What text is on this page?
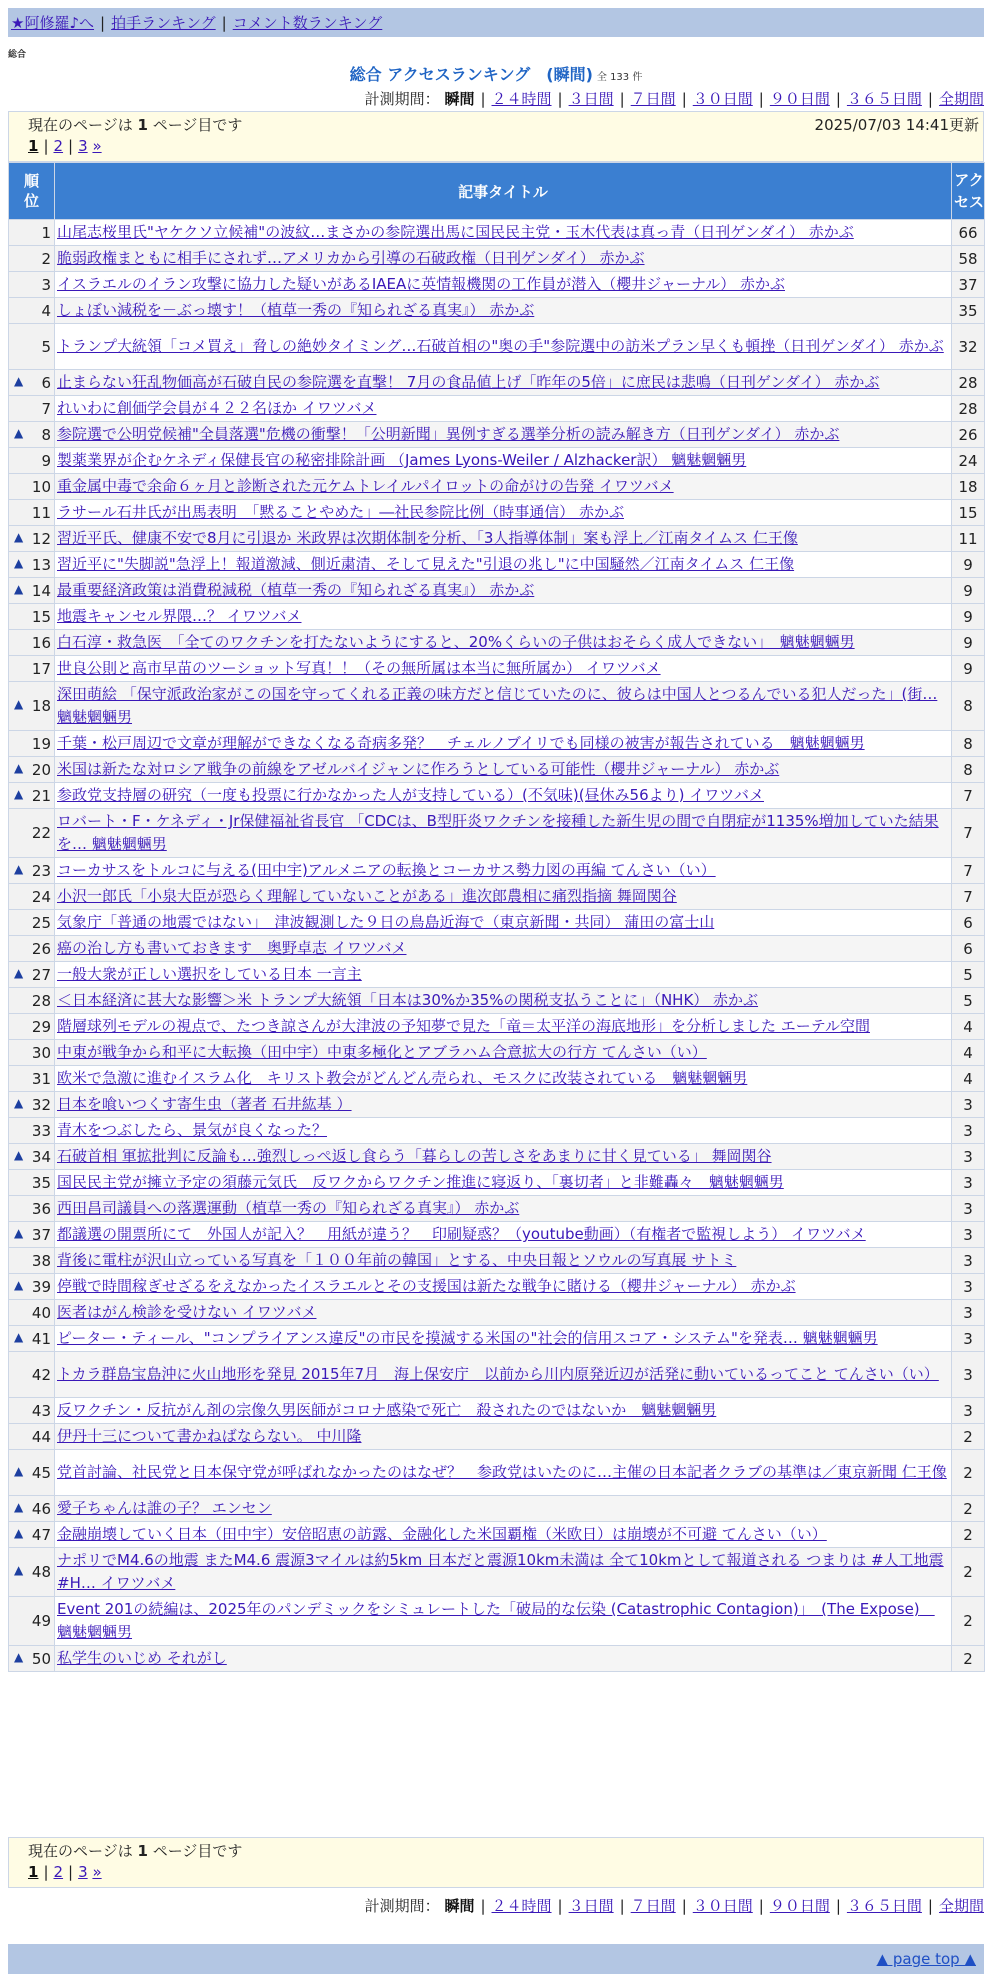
★阿修羅♪へ | 拍手ランキング | コメント数ランキング
総合
総合 アクセスランキング　(瞬間) 全 133 件
計測期間： 瞬間 | ２４時間 | ３日間 | ７日間 | ３０日間 | ９０日間 | ３６５日間 | 全期間
現在のページは 1 ページ目です	2025/07/03 14:41更新
1 | 2 | 3 »
順位	記事タイトル	アクセス
1	山尾志桜里氏"ヤケクソ立候補"の波紋…まさかの参院選出馬に国民民主党・玉木代表は真っ青（日刊ゲンダイ） 赤かぶ	66
2	脆弱政権まともに相手にされず…アメリカから引導の石破政権（日刊ゲンダイ） 赤かぶ	58
3	イスラエルのイラン攻撃に協力した疑いがあるIAEAに英情報機関の工作員が潜入（櫻井ジャーナル） 赤かぶ	37
4	しょぼい減税を－ぶっ壊す！（植草一秀の『知られざる真実』） 赤かぶ	35
5	トランプ大統領「コメ買え」脅しの絶妙タイミング…石破首相の"奥の手"参院選中の訪米プラン早くも頓挫（日刊ゲンダイ） 赤かぶ	32

▲ 6	止まらない狂乱物価高が石破自民の参院選を直撃！ 7月の食品値上げ「昨年の5倍」に庶民は悲鳴（日刊ゲンダイ） 赤かぶ	28
7	れいわに創価学会員が４２２名ほか イワツバメ	28

▲ 8	参院選で公明党候補"全員落選"危機の衝撃！「公明新聞」異例すぎる選挙分析の読み解き方（日刊ゲンダイ） 赤かぶ	26
9	製薬業界が企むケネディ保健長官の秘密排除計画 （James Lyons-Weiler / Alzhacker訳） 魑魅魍魎男	24
10	重金属中毒で余命６ヶ月と診断された元ケムトレイルパイロットの命がけの告発 イワツバメ	18
11	ラサール石井氏が出馬表明　「黙ることやめた」―社民参院比例（時事通信） 赤かぶ	15

▲ 12	習近平氏、健康不安で8月に引退か 米政界は次期体制を分析、「3人指導体制」案も浮上／江南タイムス 仁王像	11

▲ 13	習近平に"失脚説"急浮上！報道激減、側近粛清、そして見えた"引退の兆し"に中国騒然／江南タイムス 仁王像	9

▲ 14	最重要経済政策は消費税減税（植草一秀の『知られざる真実』） 赤かぶ	9
15	地震キャンセル界隈…？ イワツバメ	9
16	白石淳・救急医　「全てのワクチンを打たないようにすると、20%くらいの子供はおそらく成人できない」　魑魅魍魎男	9
17	世良公則と高市早苗のツーショット写真！！（その無所属は本当に無所属か） イワツバメ	9

▲ 18	深田萌絵 「保守派政治家がこの国を守ってくれる正義の味方だと信じていたのに、彼らは中国人とつるんでいる犯人だった」(街… 魑魅魍魎男	8
19	千葉・松戸周辺で文章が理解ができなくなる奇病多発？　チェルノブイリでも同様の被害が報告されている　魑魅魍魎男	8

▲ 20	米国は新たな対ロシア戦争の前線をアゼルバイジャンに作ろうとしている可能性（櫻井ジャーナル） 赤かぶ	8

▲ 21	参政党支持層の研究（一度も投票に行かなかった人が支持している）(不気味)(昼休み56より) イワツバメ	7
22	ロバート・F・ケネディ・Jr保健福祉省長官 「CDCは、B型肝炎ワクチンを接種した新生児の間で自閉症が1135%増加していた結果を… 魑魅魍魎男	7

▲ 23	コーカサスをトルコに与える(田中宇)アルメニアの転換とコーカサス勢力図の再編 てんさい（い）	7
24	小沢一郎氏「小泉大臣が恐らく理解していないことがある」進次郎農相に痛烈指摘 舞岡関谷	7
25	気象庁「普通の地震ではない」　津波観測した９日の鳥島近海で（東京新聞・共同） 蒲田の富士山	6
26	癌の治し方も書いておきます　奥野卓志 イワツバメ	6

▲ 27	一般大衆が正しい選択をしている日本 一言主	5
28	＜日本経済に甚大な影響＞米 トランプ大統領「日本は30%か35%の関税支払うことに」（NHK） 赤かぶ	5
29	階層球列モデルの視点で、たつき諒さんが大津波の予知夢で見た「竜＝太平洋の海底地形」を分析しました エーテル空間	4
30	中東が戦争から和平に大転換（田中宇）中東多極化とアブラハム合意拡大の行方 てんさい（い）	4
31	欧米で急激に進むイスラム化　キリスト教会がどんどん売られ、モスクに改装されている　魑魅魍魎男	4

▲ 32	日本を喰いつくす寄生虫（著者 石井紘基 ）	3
33	青木をつぶしたら、景気が良くなった？	3

▲ 34	石破首相 軍拡批判に反論も…強烈しっぺ返し食らう「暮らしの苦しさをあまりに甘く見ている」 舞岡関谷	3
35	国民民主党が擁立予定の須藤元気氏　反ワクからワクチン推進に寝返り、「裏切者」と非難轟々　魑魅魍魎男	3
36	西田昌司議員への落選運動（植草一秀の『知られざる真実』） 赤かぶ	3

▲ 37	都議選の開票所にて　外国人が記入？　用紙が違う？　印刷疑惑？（youtube動画）（有権者で監視しよう） イワツバメ	3
38	背後に電柱が沢山立っている写真を「１００年前の韓国」とする、中央日報とソウルの写真展 サトミ	3

▲ 39	停戦で時間稼ぎせざるをえなかったイスラエルとその支援国は新たな戦争に賭ける（櫻井ジャーナル） 赤かぶ	3
40	医者はがん検診を受けない イワツバメ	3

▲ 41	ピーター・ティール、"コンプライアンス違反"の市民を摸滅する米国の"社会的信用スコア・システム"を発表… 魑魅魍魎男	3
42	トカラ群島宝島沖に火山地形を発見 2015年7月　海上保安庁　以前から川内原発近辺が活発に動いているってこと てんさい（い）	3
43	反ワクチン・反抗がん剤の宗像久男医師がコロナ感染で死亡　殺されたのではないか　魑魅魍魎男	3
44	伊丹十三について書かねばならない。 中川隆	2

▲ 45	党首討論、社民党と日本保守党が呼ばれなかったのはなぜ？　参政党はいたのに…主催の日本記者クラブの基準は／東京新聞 仁王像	2

▲ 46	愛子ちゃんは誰の子？ エンセン	2

▲ 47	金融崩壊していく日本（田中宇）安倍昭恵の訪露、金融化した米国覇権（米欧日）は崩壊が不可避 てんさい（い）	2

▲ 48	ナポリでM4.6の地震 またM4.6 震源3マイルは約5km 日本だと震源10km未満は 全て10kmとして報道される つまりは #人工地震 #H… イワツバメ	2
49	Event 201の続編は、2025年のパンデミックをシミュレートした「破局的な伝染 (Catastrophic Contagion)」　(The Expose)　魑魅魍魎男	2

▲ 50	私学生のいじめ それがし	2
現在のページは 1 ページ目です
1 | 2 | 3 »
計測期間： 瞬間 | ２４時間 | ３日間 | ７日間 | ３０日間 | ９０日間 | ３６５日間 | 全期間
▲ page top ▲
